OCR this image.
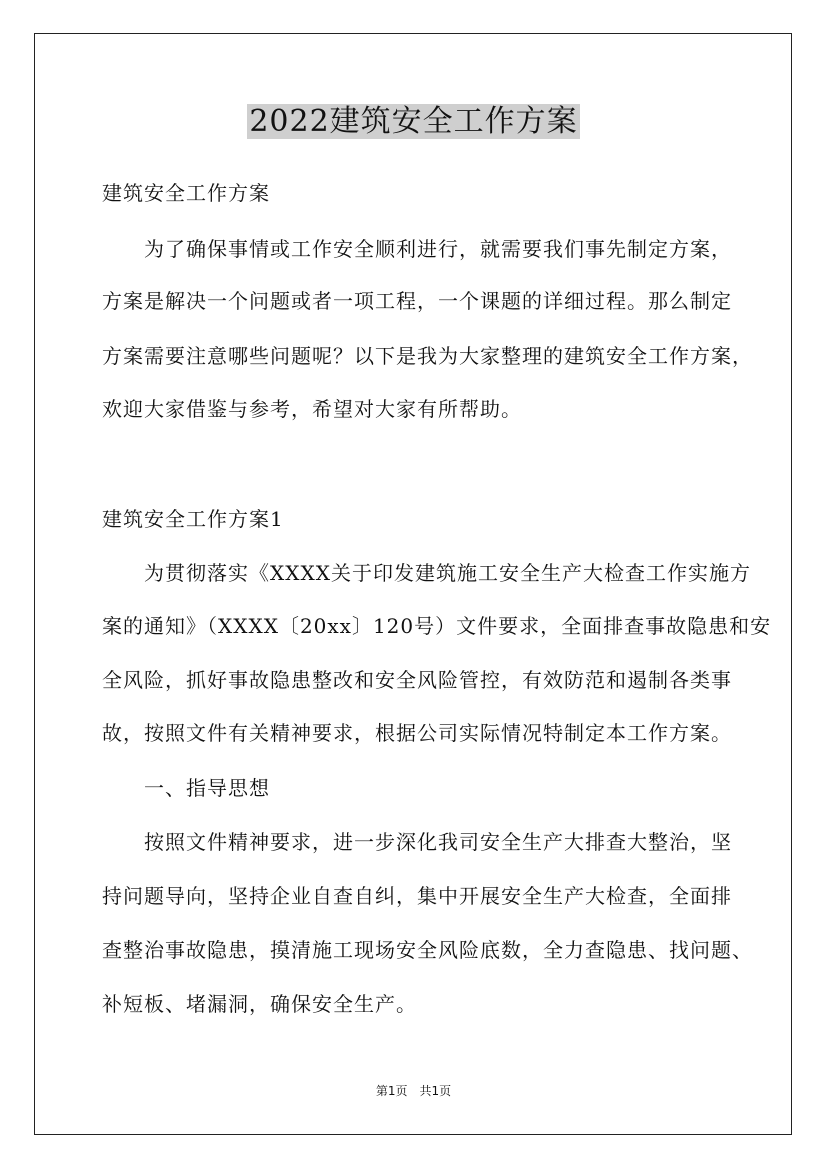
2022建筑安全工作方案
建筑安全工作方案
　　为了确保事情或工作安全顺利进行，就需要我们事先制定方案，
方案是解决一个问题或者一项工程，一个课题的详细过程。那么制定
方案需要注意哪些问题呢？以下是我为大家整理的建筑安全工作方案，
欢迎大家借鉴与参考，希望对大家有所帮助。
建筑安全工作方案1
　　为贯彻落实《XXXX关于印发建筑施工安全生产大检查工作实施方
案的通知》（XXXX〔20xx〕120号）文件要求，全面排查事故隐患和安
全风险，抓好事故隐患整改和安全风险管控，有效防范和遏制各类事
故，按照文件有关精神要求，根据公司实际情况特制定本工作方案。
　　一、指导思想
　　按照文件精神要求，进一步深化我司安全生产大排查大整治，坚
持问题导向，坚持企业自查自纠，集中开展安全生产大检查，全面排
查整治事故隐患，摸清施工现场安全风险底数，全力查隐患、找问题、
补短板、堵漏洞，确保安全生产。
第1页　共1页
